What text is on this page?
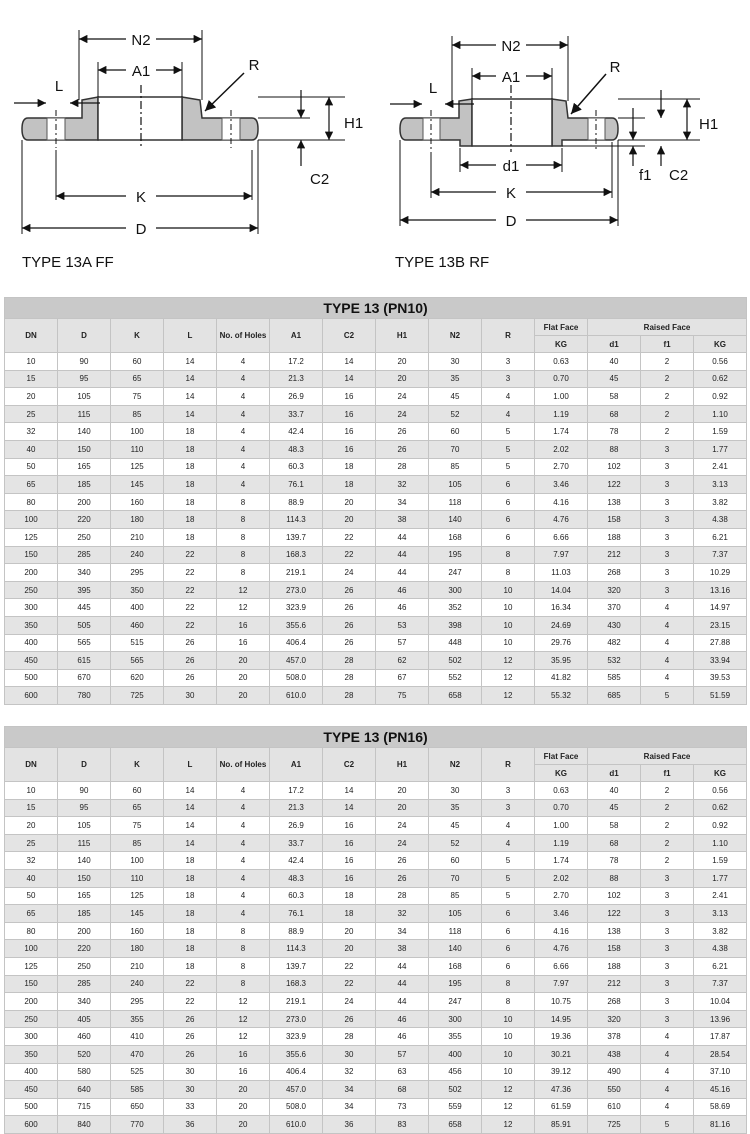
N2
A1
L
R
H1
C2
K
D
TYPE 13A FF
N2
A1
L
R
H1
C2
f1
d1
K
D
TYPE 13B RF
TYPE 13 (PN10)													
DN	D	K	L	No. of Holes	A1	C2	H1	N2	R	Flat Face	Raised Face		
										KG	d1	f1	KG
10	90	60	14	4	17.2	14	20	30	3	0.63	40	2	0.56
15	95	65	14	4	21.3	14	20	35	3	0.70	45	2	0.62
20	105	75	14	4	26.9	16	24	45	4	1.00	58	2	0.92
25	115	85	14	4	33.7	16	24	52	4	1.19	68	2	1.10
32	140	100	18	4	42.4	16	26	60	5	1.74	78	2	1.59
40	150	110	18	4	48.3	16	26	70	5	2.02	88	3	1.77
50	165	125	18	4	60.3	18	28	85	5	2.70	102	3	2.41
65	185	145	18	4	76.1	18	32	105	6	3.46	122	3	3.13
80	200	160	18	8	88.9	20	34	118	6	4.16	138	3	3.82
100	220	180	18	8	114.3	20	38	140	6	4.76	158	3	4.38
125	250	210	18	8	139.7	22	44	168	6	6.66	188	3	6.21
150	285	240	22	8	168.3	22	44	195	8	7.97	212	3	7.37
200	340	295	22	8	219.1	24	44	247	8	11.03	268	3	10.29
250	395	350	22	12	273.0	26	46	300	10	14.04	320	3	13.16
300	445	400	22	12	323.9	26	46	352	10	16.34	370	4	14.97
350	505	460	22	16	355.6	26	53	398	10	24.69	430	4	23.15
400	565	515	26	16	406.4	26	57	448	10	29.76	482	4	27.88
450	615	565	26	20	457.0	28	62	502	12	35.95	532	4	33.94
500	670	620	26	20	508.0	28	67	552	12	41.82	585	4	39.53
600	780	725	30	20	610.0	28	75	658	12	55.32	685	5	51.59
TYPE 13 (PN16)													
DN	D	K	L	No. of Holes	A1	C2	H1	N2	R	Flat Face	Raised Face		
										KG	d1	f1	KG
10	90	60	14	4	17.2	14	20	30	3	0.63	40	2	0.56
15	95	65	14	4	21.3	14	20	35	3	0.70	45	2	0.62
20	105	75	14	4	26.9	16	24	45	4	1.00	58	2	0.92
25	115	85	14	4	33.7	16	24	52	4	1.19	68	2	1.10
32	140	100	18	4	42.4	16	26	60	5	1.74	78	2	1.59
40	150	110	18	4	48.3	16	26	70	5	2.02	88	3	1.77
50	165	125	18	4	60.3	18	28	85	5	2.70	102	3	2.41
65	185	145	18	4	76.1	18	32	105	6	3.46	122	3	3.13
80	200	160	18	8	88.9	20	34	118	6	4.16	138	3	3.82
100	220	180	18	8	114.3	20	38	140	6	4.76	158	3	4.38
125	250	210	18	8	139.7	22	44	168	6	6.66	188	3	6.21
150	285	240	22	8	168.3	22	44	195	8	7.97	212	3	7.37
200	340	295	22	12	219.1	24	44	247	8	10.75	268	3	10.04
250	405	355	26	12	273.0	26	46	300	10	14.95	320	3	13.96
300	460	410	26	12	323.9	28	46	355	10	19.36	378	4	17.87
350	520	470	26	16	355.6	30	57	400	10	30.21	438	4	28.54
400	580	525	30	16	406.4	32	63	456	10	39.12	490	4	37.10
450	640	585	30	20	457.0	34	68	502	12	47.36	550	4	45.16
500	715	650	33	20	508.0	34	73	559	12	61.59	610	4	58.69
600	840	770	36	20	610.0	36	83	658	12	85.91	725	5	81.16
